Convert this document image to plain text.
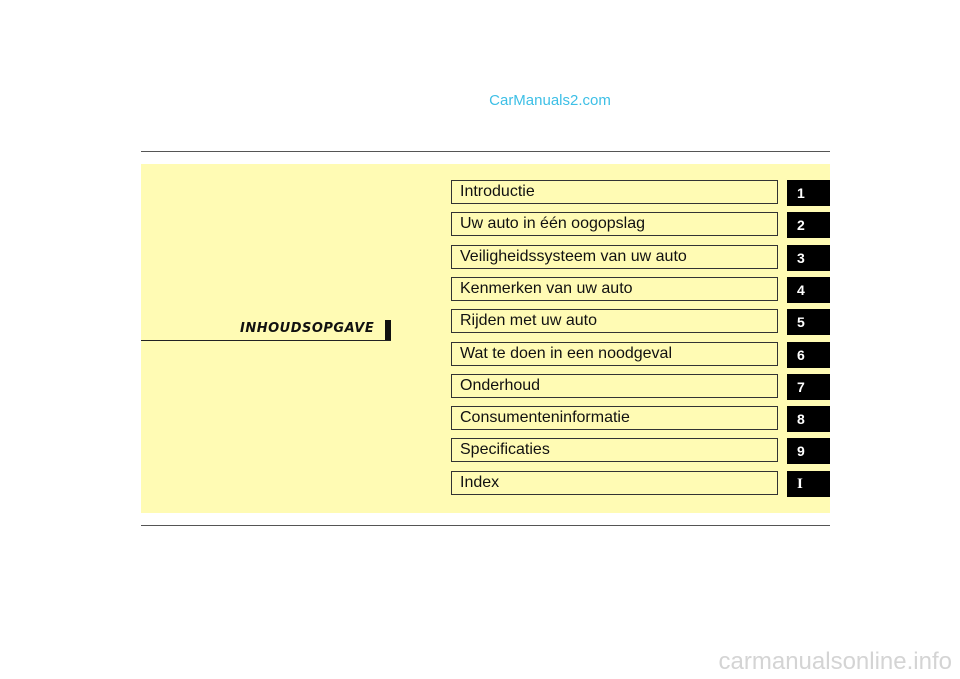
CarManuals2.com
INHOUDSOPGAVE
Introductie	1
Uw auto in één oogopslag	2
Veiligheidssysteem van uw auto	3
Kenmerken van uw auto	4
Rijden met uw auto	5
Wat te doen in een noodgeval	6
Onderhoud	7
Consumenteninformatie	8
Specificaties	9
Index	I
carmanualsonline.info
